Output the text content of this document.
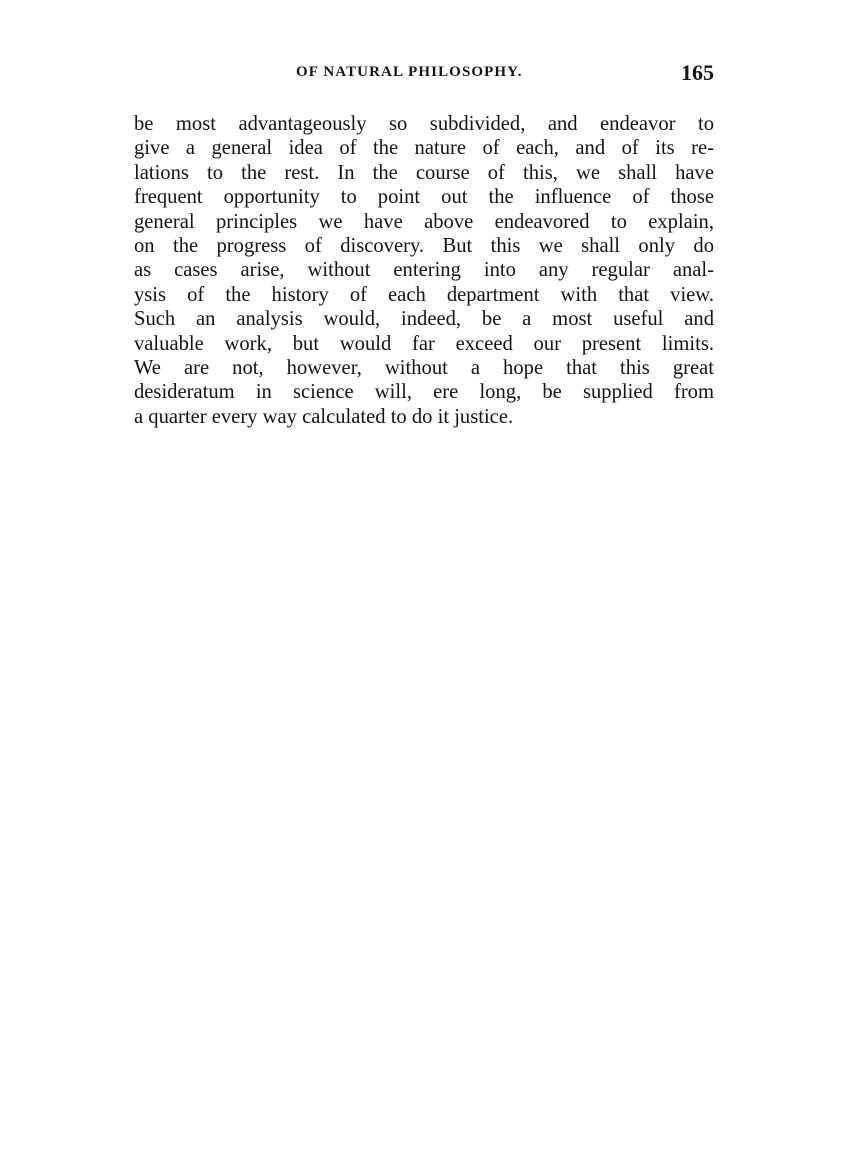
OF NATURAL PHILOSOPHY.	165
be most advantageously so subdivided, and endeavor to
give a general idea of the nature of each, and of its re-
lations to the rest. In the course of this, we shall have
frequent opportunity to point out the influence of those
general principles we have above endeavored to explain,
on the progress of discovery. But this we shall only do
as cases arise, without entering into any regular anal-
ysis of the history of each department with that view.
Such an analysis would, indeed, be a most useful and
valuable work, but would far exceed our present limits.
We are not, however, without a hope that this great
desideratum in science will, ere long, be supplied from
a quarter every way calculated to do it justice.
